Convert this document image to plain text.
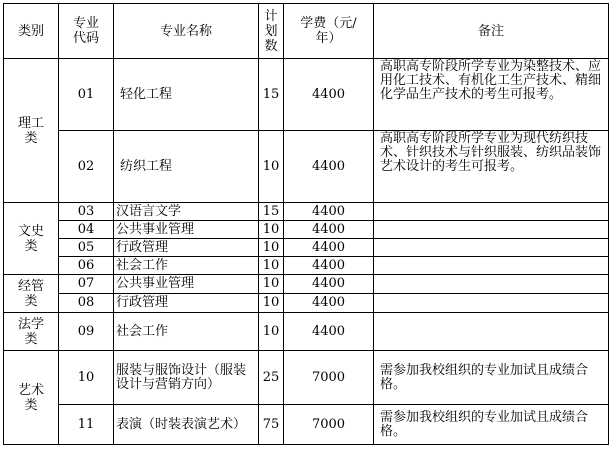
类别	专业代码	专业名称	计划数	学费（元/年）	备注

理工类	01	轻化工程	15	4400	高职高专阶段所学专业为染整技术、应用化工技术、有机化工生产技术、精细化学品生产技术的考生可报考。
	02	纺织工程	10	4400	高职高专阶段所学专业为现代纺织技术、针织技术与针织服装、纺织品装饰艺术设计的考生可报考。

文史类	03	汉语言文学	15	4400	
	04	公共事业管理	10	4400	
	05	行政管理	10	4400	
	06	社会工作	10	4400	

经管类	07	公共事业管理	10	4400	
	08	行政管理	10	4400	

法学类	09	社会工作	10	4400	

艺术类	10	服装与服饰设计（服装设计与营销方向）	25	7000	需参加我校组织的专业加试且成绩合格。
	11	表演（时装表演艺术）	75	7000	需参加我校组织的专业加试且成绩合格。
